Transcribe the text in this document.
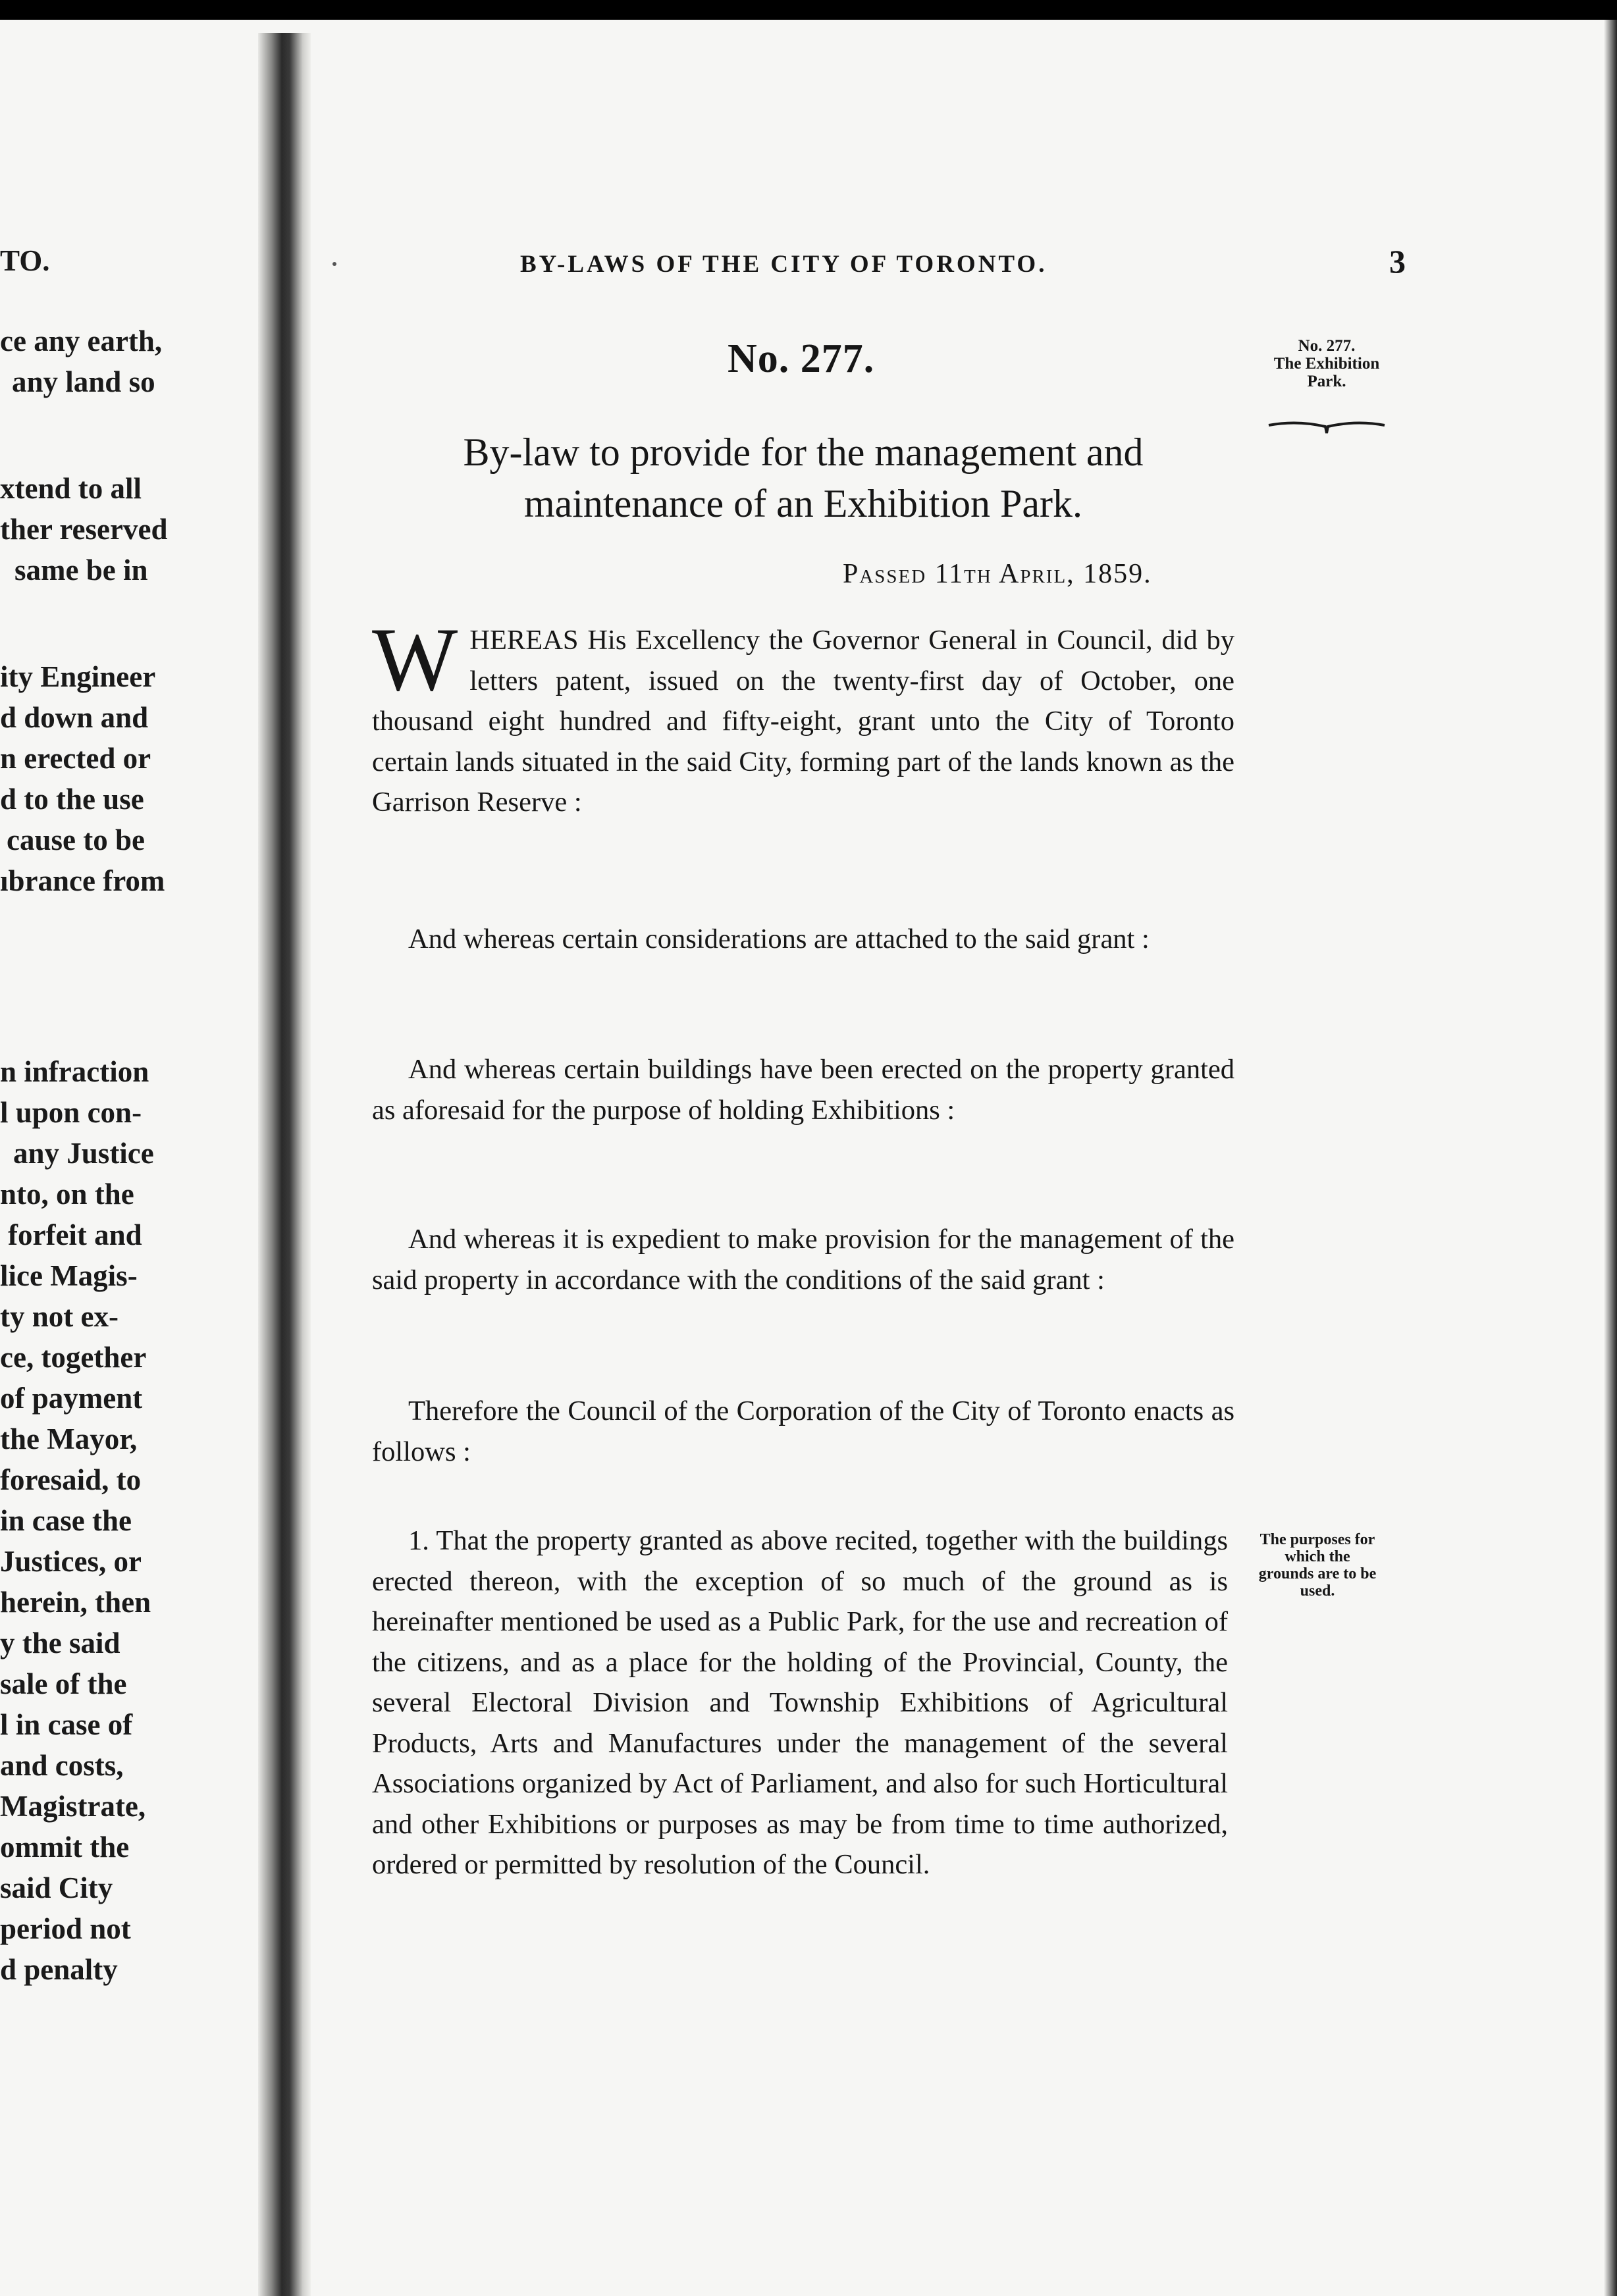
TO.
ce any earth,
any land so
xtend to all
ther reserved
same be in
ity Engineer
d down and
n erected or
d to the use
cause to be
ıbrance from
n infraction
l upon con-
any Justice
nto, on the
forfeit and
lice Magis-
ty not ex-
ce, together
of payment
the Mayor,
foresaid, to
in case the
Justices, or
herein, then
y the said
sale of the
l in case of
and costs,
Magistrate,
ommit the
said City
period not
d penalty
BY-LAWS OF THE CITY OF TORONTO.	3
No. 277.	No. 277.
The Exhibition
Park.
By-law to provide for the management and maintenance of an Exhibition Park.
Passed 11th April, 1859.
WHEREAS His Excellency the Governor General in Council, did by letters patent, issued on the twenty-first day of October, one thousand eight hundred and fifty-eight, grant unto the City of Toronto certain lands situated in the said City, forming part of the lands known as the Garrison Reserve :
And whereas certain considerations are attached to the said grant :
And whereas certain buildings have been erected on the property granted as aforesaid for the purpose of holding Exhibitions :
And whereas it is expedient to make provision for the management of the said property in accordance with the conditions of the said grant :
Therefore the Council of the Corporation of the City of Toronto enacts as follows :
1. That the property granted as above recited, together with the buildings erected thereon, with the exception of so much of the ground as is hereinafter mentioned be used as a Public Park, for the use and recreation of the citizens, and as a place for the holding of the Provincial, County, the several Electoral Division and Township Exhibitions of Agricultural Products, Arts and Manufactures under the management of the several Associations organized by Act of Parliament, and also for such Horticultural and other Exhibitions or purposes as may be from time to time authorized, ordered or permitted by resolution of the Council.
The purposes for
which the
grounds are to be
used.
